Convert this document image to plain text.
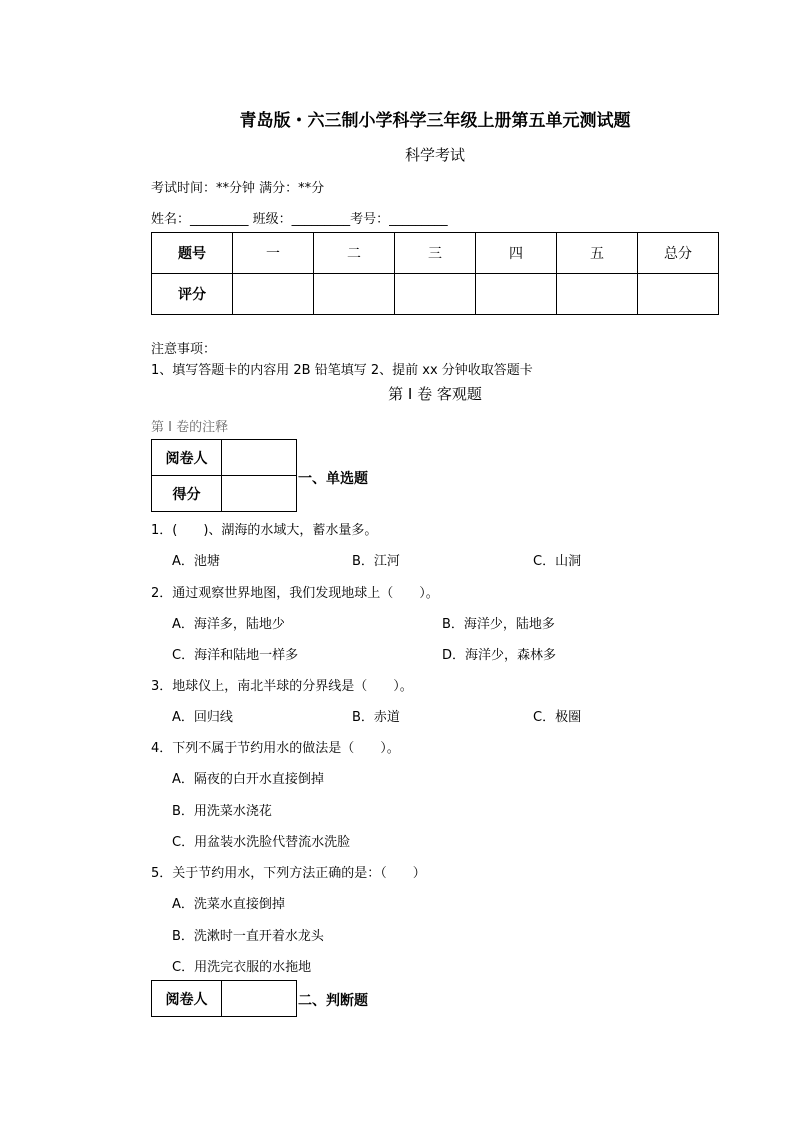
青岛版・六三制小学科学三年级上册第五单元测试题
科学考试
考试时间：**分钟 满分：**分
姓名：_________ 班级：_________考号：_________
题号	一	二	三	四	五	总分
评分						
注意事项：
1、填写答题卡的内容用 2B 铅笔填写 2、提前 xx 分钟收取答题卡
第 I 卷 客观题
第 I 卷的注释
阅卷人	
得分	
一、单选题
1．(　　)、湖海的水域大，蓄水量多。
A．池塘	B．江河	C．山洞
2．通过观察世界地图，我们发现地球上（　　）。
A．海洋多，陆地少	B．海洋少，陆地多
C．海洋和陆地一样多	D．海洋少，森林多
3．地球仪上，南北半球的分界线是（　　）。
A．回归线	B．赤道	C．极圈
4．下列不属于节约用水的做法是（　　）。
A．隔夜的白开水直接倒掉
B．用洗菜水浇花
C．用盆装水洗脸代替流水洗脸
5．关于节约用水，下列方法正确的是：（　　）
A．洗菜水直接倒掉
B．洗漱时一直开着水龙头
C．用洗完衣服的水拖地
阅卷人		二、判断题
